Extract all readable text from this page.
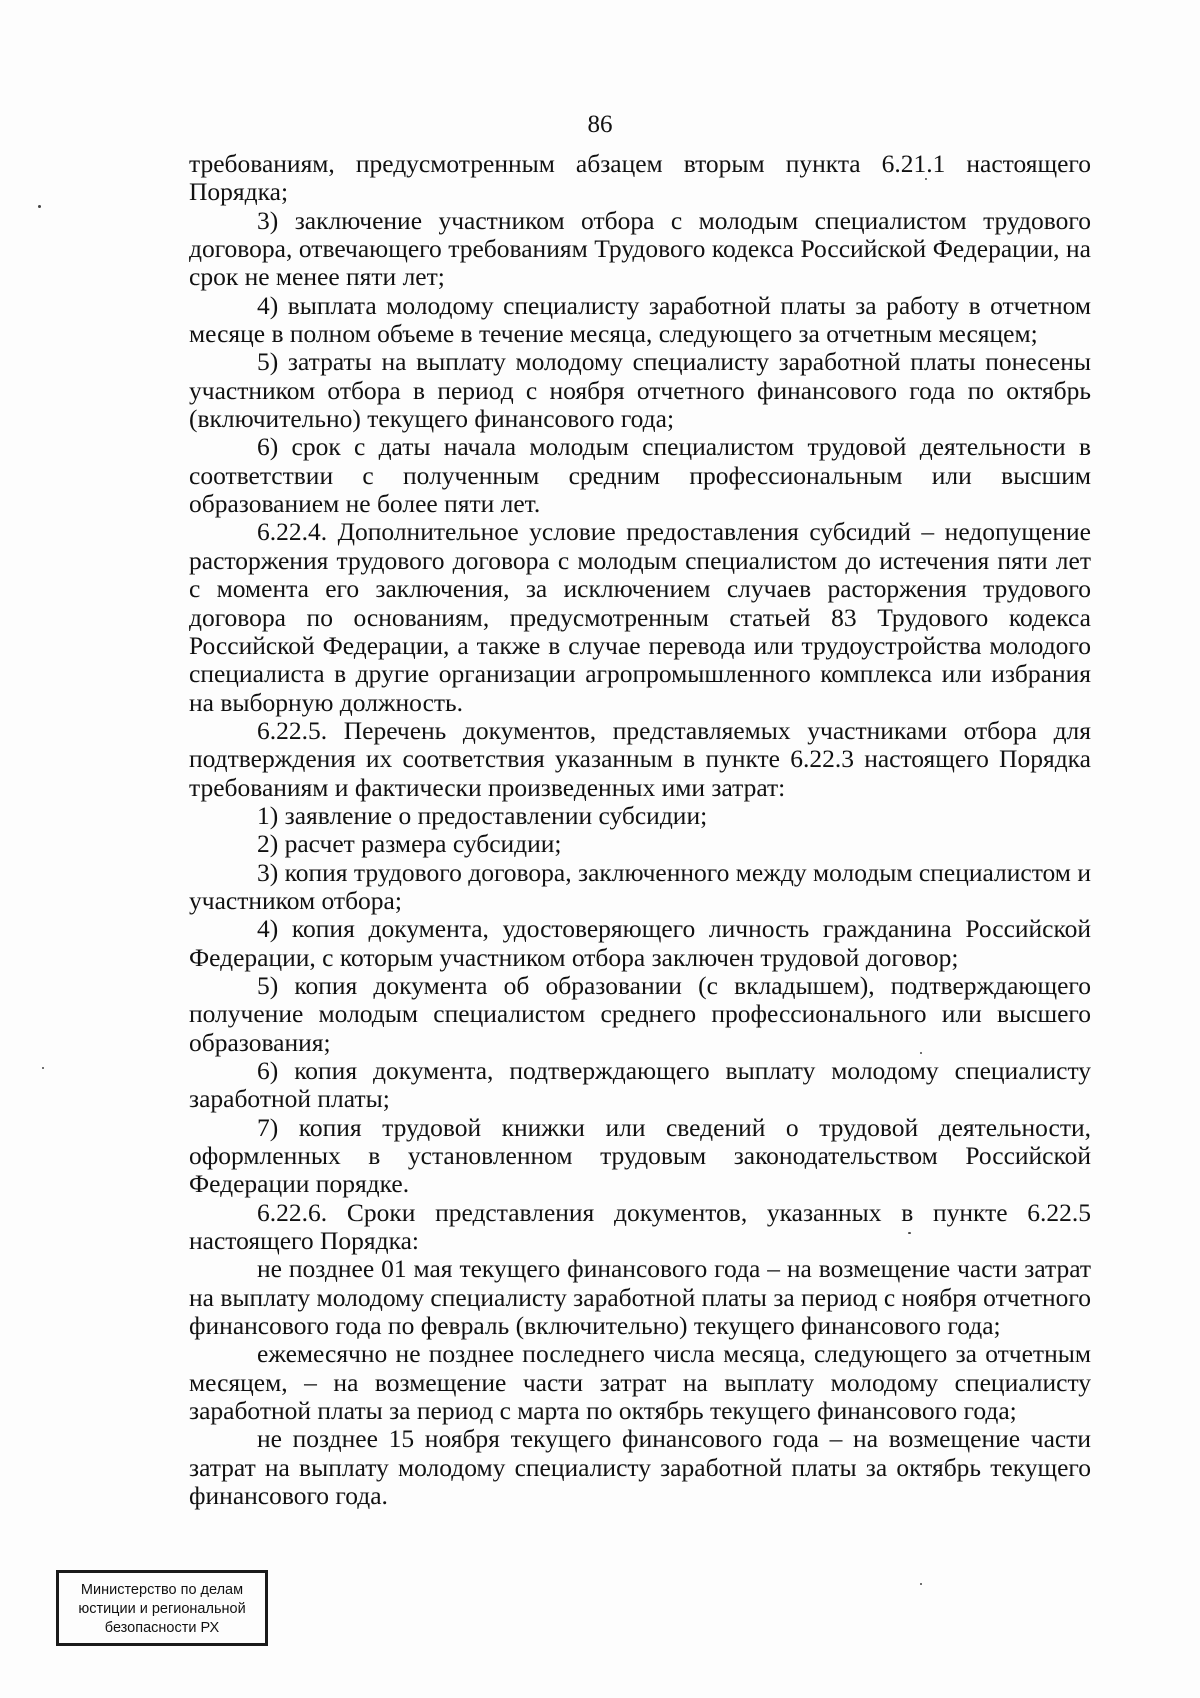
86

требованиям, предусмотренным абзацем вторым пункта 6.21.1 настоящего Порядка;

3) заключение участником отбора с молодым специалистом трудового договора, отвечающего требованиям Трудового кодекса Российской Федерации, на срок не менее пяти лет;

4) выплата молодому специалисту заработной платы за работу в отчетном месяце в полном объеме в течение месяца, следующего за отчетным месяцем;

5) затраты на выплату молодому специалисту заработной платы понесены участником отбора в период с ноября отчетного финансового года по октябрь (включительно) текущего финансового года;

6) срок с даты начала молодым специалистом трудовой деятельности в соответствии с полученным средним профессиональным или высшим образованием не более пяти лет.

6.22.4. Дополнительное условие предоставления субсидий – недопущение расторжения трудового договора с молодым специалистом до истечения пяти лет с момента его заключения, за исключением случаев расторжения трудового договора по основаниям, предусмотренным статьей 83 Трудового кодекса Российской Федерации, а также в случае перевода или трудоустройства молодого специалиста в другие организации агропромышленного комплекса или избрания на выборную должность.

6.22.5. Перечень документов, представляемых участниками отбора для подтверждения их соответствия указанным в пункте 6.22.3 настоящего Порядка требованиям и фактически произведенных ими затрат:

1) заявление о предоставлении субсидии;

2) расчет размера субсидии;

3) копия трудового договора, заключенного между молодым специалистом и участником отбора;

4) копия документа, удостоверяющего личность гражданина Российской Федерации, с которым участником отбора заключен трудовой договор;

5) копия документа об образовании (с вкладышем), подтверждающего получение молодым специалистом среднего профессионального или высшего образования;

6) копия документа, подтверждающего выплату молодому специалисту заработной платы;

7) копия трудовой книжки или сведений о трудовой деятельности, оформленных в установленном трудовым законодательством Российской Федерации порядке.

6.22.6. Сроки представления документов, указанных в пункте 6.22.5 настоящего Порядка:

не позднее 01 мая текущего финансового года – на возмещение части затрат на выплату молодому специалисту заработной платы за период с ноября отчетного финансового года по февраль (включительно) текущего финансового года;

ежемесячно не позднее последнего числа месяца, следующего за отчетным месяцем, – на возмещение части затрат на выплату молодому специалисту заработной платы за период с марта по октябрь текущего финансового года;

не позднее 15 ноября текущего финансового года – на возмещение части затрат на выплату молодому специалисту заработной платы за октябрь текущего финансового года.

Министерство по делам
юстиции и региональной
безопасности РХ
